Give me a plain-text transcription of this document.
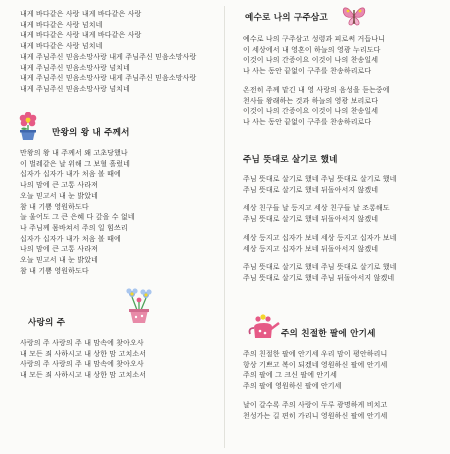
내게 바다같은 사랑 내게 바다같은 사랑
내게 바다같은 사랑 넘치네
내게 바다같은 사랑 내게 바다같은 사랑
내게 바다같은 사랑 넘치네
내게 주님주신 믿음소망사랑 내게 주님주신 믿음소망사랑
내게 주님주신 믿음소망사랑 넘치네
내게 주님주신 믿음소망사랑 내게 주님주신 믿음소망사랑
내게 주님주신 믿음소망사랑 넘치네
만왕의 왕 내 주께서
만왕의 왕 내 주께서 왜 고초당했나
이 벌레같은 날 위해 그 보혈 흘렀네
십자가 십자가 내가 처음 볼 때에
나의 맘에 큰 고통 사라져
오늘 믿고서 내 눈 밝았네
참 내 기쁨 영원하도다
늘 울어도 그 큰 은혜 다 갚을 수 없네
나 주님께 몸바쳐서 주의 일 힘쓰리
십자가 십자가 내가 처음 볼 때에
나의 맘에 큰 고통 사라져
오늘 믿고서 내 눈 밝았네
참 내 기쁨 영원하도다
사랑의 주
사랑의 주 사랑의 주 내 맘속에 찾아오사
내 모든 죄 사하시고 내 상한 맘 고치소서
사랑의 주 사랑의 주 내 맘속에 찾아오사
내 모든 죄 사하시고 내 상한 맘 고치소서
예수로 나의 구주삼고
예수로 나의 구주삼고 성령과 피로써 거듭나니
이 세상에서 내 영혼이 하늘의 영광 누리도다
이것이 나의 간증이요 이것이 나의 찬송일세
나 사는 동안 끝없이 구주를 찬송하리로다
온전히 주께 맡긴 내 영 사랑의 음성을 듣는중에
천사들 왕래하는 것과 하늘의 영광 보리로다
이것이 나의 간증이요 이것이 나의 찬송일세
나 사는 동안 끝없이 구주를 찬송하리로다
주님 뜻대로 살기로 했네
주님 뜻대로 살기로 했네 주님 뜻대로 살기로 했네
주님 뜻대로 살기로 했네 뒤돌아서지 않겠네
세상 친구들 날 등지고 세상 친구들 날 조롱해도
주님 뜻대로 살기로 했네 뒤돌아서지 않겠네
세상 등지고 십자가 보네 세상 등지고 십자가 보네
세상 등지고 십자가 보네 뒤돌아서지 않겠네
주님 뜻대로 살기로 했네 주님 뜻대로 살기로 했네
주님 뜻대로 살기로 했네 주님 뒤돌아서지 않겠네
주의 친절한 팔에 안기세
주의 친절한 팔에 안기세 우리 맘이 평안하리니
항상 기쁘고 복이 되겠네 영원하신 팔에 안기세
주의 팔에 그 크신 팔에 안기세
주의 팔에 영원하신 팔에 안기세
날이 갈수록 주의 사랑이 두루 광명하게 비치고
천성가는 길 편히 가리니 영원하신 팔에 안기세
